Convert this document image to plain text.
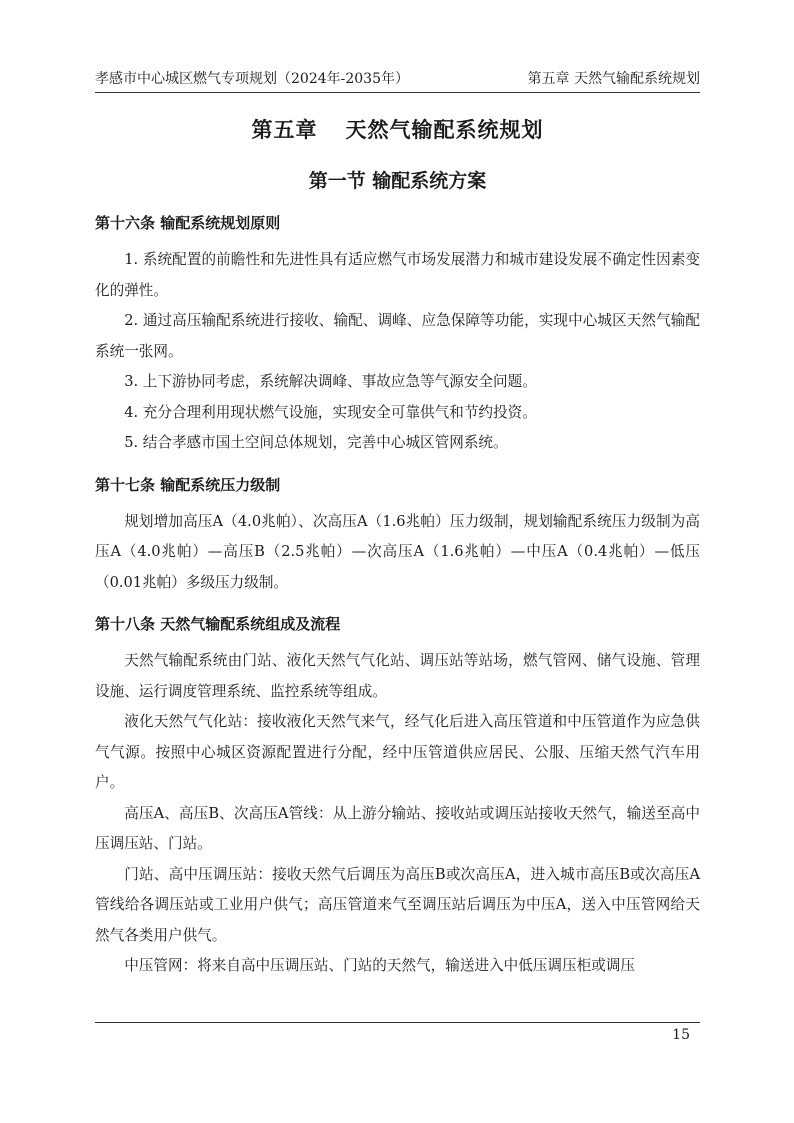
孝感市中心城区燃气专项规划（2024年-2035年）	第五章 天然气输配系统规划
第五章 天然气输配系统规划
第一节 输配系统方案
第十六条 输配系统规划原则

1. 系统配置的前瞻性和先进性具有适应燃气市场发展潜力和城市建设发展不确定性因素变化的弹性。

2. 通过高压输配系统进行接收、输配、调峰、应急保障等功能，实现中心城区天然气输配系统一张网。

3. 上下游协同考虑，系统解决调峰、事故应急等气源安全问题。

4. 充分合理利用现状燃气设施，实现安全可靠供气和节约投资。

5. 结合孝感市国土空间总体规划，完善中心城区管网系统。

第十七条 输配系统压力级制

规划增加高压A（4.0兆帕）、次高压A（1.6兆帕）压力级制，规划输配系统压力级制为高压A（4.0兆帕）—高压B（2.5兆帕）—次高压A（1.6兆帕）—中压A（0.4兆帕）—低压（0.01兆帕）多级压力级制。

第十八条 天然气输配系统组成及流程

天然气输配系统由门站、液化天然气气化站、调压站等站场，燃气管网、储气设施、管理设施、运行调度管理系统、监控系统等组成。

液化天然气气化站：接收液化天然气来气，经气化后进入高压管道和中压管道作为应急供气气源。按照中心城区资源配置进行分配，经中压管道供应居民、公服、压缩天然气汽车用户。

高压A、高压B、次高压A管线：从上游分输站、接收站或调压站接收天然气，输送至高中压调压站、门站。

门站、高中压调压站：接收天然气后调压为高压B或次高压A，进入城市高压B或次高压A管线给各调压站或工业用户供气；高压管道来气至调压站后调压为中压A，送入中压管网给天然气各类用户供气。

中压管网：将来自高中压调压站、门站的天然气，输送进入中低压调压柜或调压

15
